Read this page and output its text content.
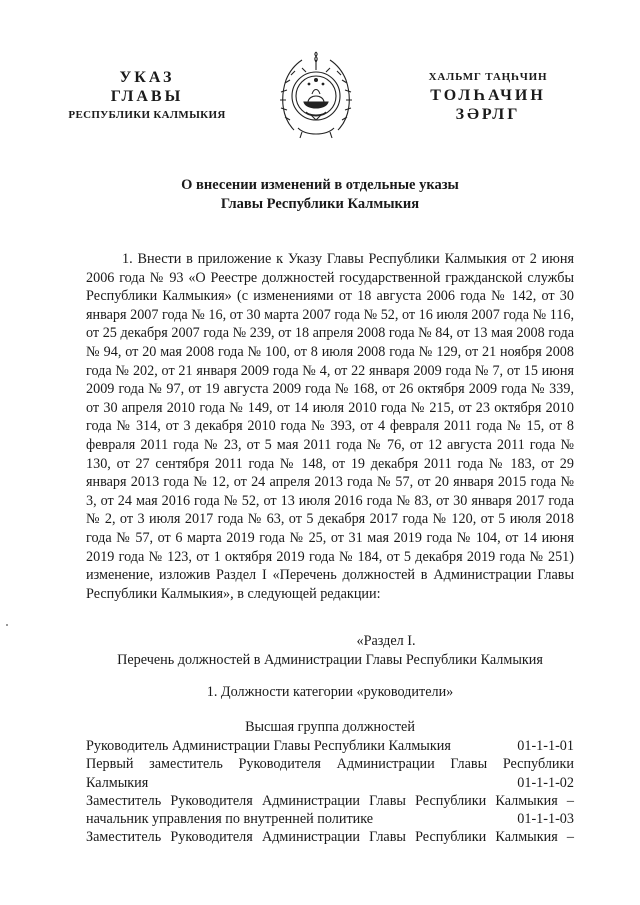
УКАЗ
ГЛАВЫ
РЕСПУБЛИКИ КАЛМЫКИЯ
ХАЛЬМГ ТАҢҺЧИН
ТОЛҺАЧИН
ЗӘРЛГ
О внесении изменений в отдельные указы
Главы Республики Калмыкия

1. Внести в приложение к Указу Главы Республики Калмыкия от 2 июня 2006 года № 93 «О Реестре должностей государственной гражданской службы Республики Калмыкия» (с изменениями от 18 августа 2006 года № 142, от 30 января 2007 года № 16, от 30 марта 2007 года № 52, от 16 июля 2007 года № 116, от 25 декабря 2007 года № 239, от 18 апреля 2008 года № 84, от 13 мая 2008 года № 94, от 20 мая 2008 года № 100, от 8 июля 2008 года № 129, от 21 ноября 2008 года № 202, от 21 января 2009 года № 4, от 22 января 2009 года № 7, от 15 июня 2009 года № 97, от 19 августа 2009 года № 168, от 26 октября 2009 года № 339, от 30 апреля 2010 года № 149, от 14 июля 2010 года № 215, от 23 октября 2010 года № 314, от 3 декабря 2010 года № 393, от 4 февраля 2011 года № 15, от 8 февраля 2011 года № 23, от 5 мая 2011 года № 76, от 12 августа 2011 года № 130, от 27 сентября 2011 года № 148, от 19 декабря 2011 года № 183, от 29 января 2013 года № 12, от 24 апреля 2013 года № 57, от 20 января 2015 года № 3, от 24 мая 2016 года № 52, от 13 июля 2016 года № 83, от 30 января 2017 года № 2, от 3 июля 2017 года № 63, от 5 декабря 2017 года № 120, от 5 июля 2018 года № 57, от 6 марта 2019 года № 25, от 31 мая 2019 года № 104, от 14 июня 2019 года № 123, от 1 октября 2019 года № 184, от 5 декабря 2019 года № 251) изменение, изложив Раздел I «Перечень должностей в Администрации Главы Республики Калмыкия», в следующей редакции:

«Раздел I.
Перечень должностей в Администрации Главы Республики Калмыкия
1. Должности категории «руководители»
Высшая группа должностей
Руководитель Администрации Главы Республики Калмыкия	01-1-1-01
Первый заместитель Руководителя Администрации Главы Республики
Калмыкия	01-1-1-02
Заместитель Руководителя Администрации Главы Республики Калмыкия –
начальник управления по внутренней политике	01-1-1-03
Заместитель Руководителя Администрации Главы Республики Калмыкия –
